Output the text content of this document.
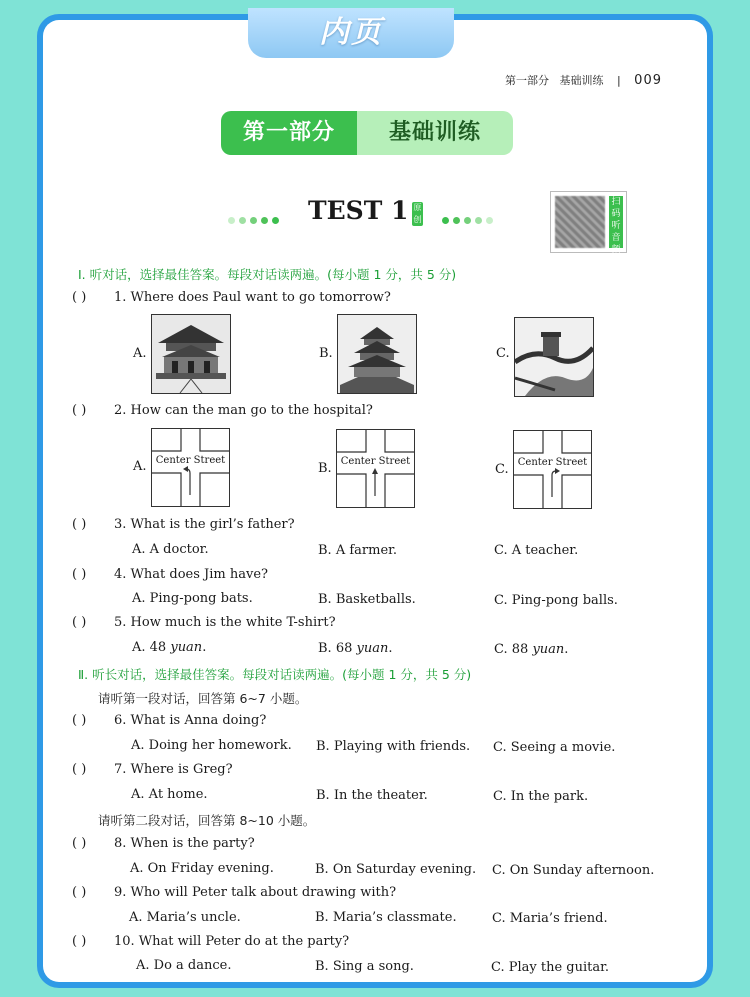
内页
第一部分 基础训练 | 009
第一部分	基础训练
TEST 1 原创
扫码听音频
Ⅰ. 听对话，选择最佳答案。每段对话读两遍。(每小题 1 分，共 5 分)
( ) 1. Where does Paul want to go tomorrow?
A.	B.	C.
( ) 2. How can the man go to the hospital?
A. Center Street
B. Center Street
C. Center Street
( ) 3. What is the girl’s father?
A. A doctor.	B. A farmer.	C. A teacher.
( ) 4. What does Jim have?
A. Ping-pong bats.	B. Basketballs.	C. Ping-pong balls.
( ) 5. How much is the white T-shirt?
A. 48 yuan.	B. 68 yuan.	C. 88 yuan.
Ⅱ. 听长对话，选择最佳答案。每段对话读两遍。(每小题 1 分，共 5 分)
请听第一段对话，回答第 6~7 小题。
( ) 6. What is Anna doing?
A. Doing her homework. B. Playing with friends. C. Seeing a movie.
( ) 7. Where is Greg?
A. At home.	B. In the theater.	C. In the park.
请听第二段对话，回答第 8~10 小题。
( ) 8. When is the party?
A. On Friday evening.	B. On Saturday evening. C. On Sunday afternoon.
( ) 9. Who will Peter talk about drawing with?
A. Maria’s uncle.	B. Maria’s classmate.	C. Maria’s friend.
( ) 10. What will Peter do at the party?
A. Do a dance.	B. Sing a song.	C. Play the guitar.
